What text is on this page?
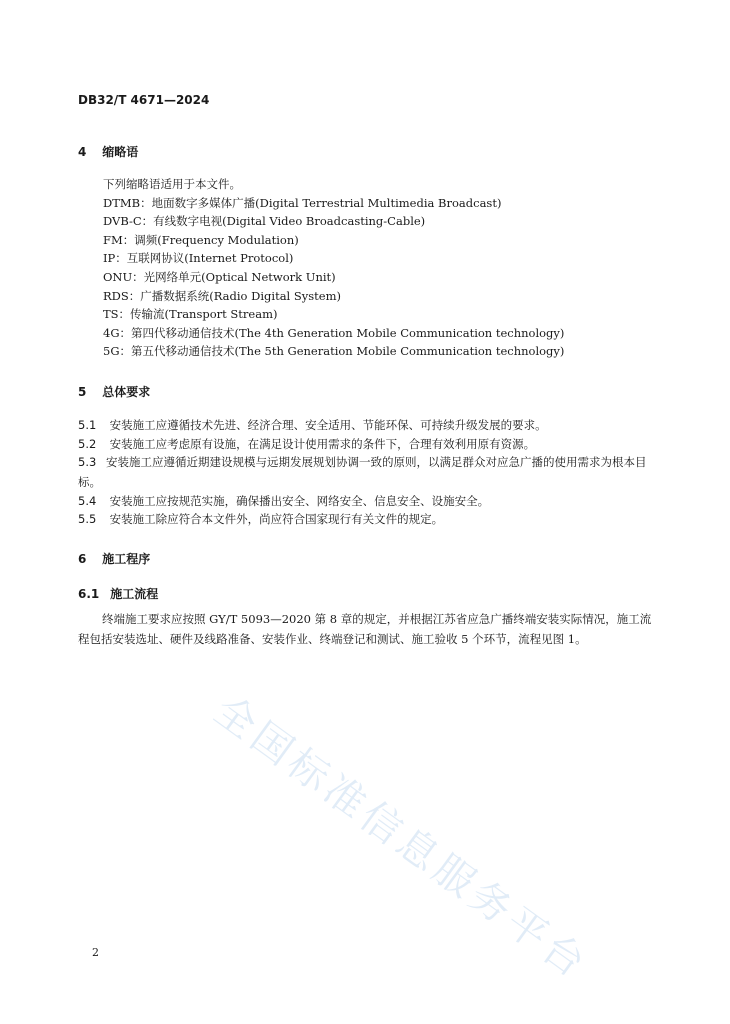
DB32/T 4671—2024
4 缩略语
下列缩略语适用于本文件。
DTMB：地面数字多媒体广播(Digital Terrestrial Multimedia Broadcast)
DVB-C：有线数字电视(Digital Video Broadcasting-Cable)
FM：调频(Frequency Modulation)
IP：互联网协议(Internet Protocol)
ONU：光网络单元(Optical Network Unit)
RDS：广播数据系统(Radio Digital System)
TS：传输流(Transport Stream)
4G：第四代移动通信技术(The 4th Generation Mobile Communication technology)
5G：第五代移动通信技术(The 5th Generation Mobile Communication technology)
5 总体要求
5.1 安装施工应遵循技术先进、经济合理、安全适用、节能环保、可持续升级发展的要求。
5.2 安装施工应考虑原有设施，在满足设计使用需求的条件下，合理有效利用原有资源。
5.3 安装施工应遵循近期建设规模与远期发展规划协调一致的原则，以满足群众对应急广播的使用需求为根本目标。
5.4 安装施工应按规范实施，确保播出安全、网络安全、信息安全、设施安全。
5.5 安装施工除应符合本文件外，尚应符合国家现行有关文件的规定。
6 施工程序
6.1 施工流程
终端施工要求应按照 GY/T 5093—2020 第 8 章的规定，并根据江苏省应急广播终端安装实际情况，施工流程包括安装选址、硬件及线路准备、安装作业、终端登记和测试、施工验收 5 个环节，流程见图 1。
全国标准信息服务平台
2
